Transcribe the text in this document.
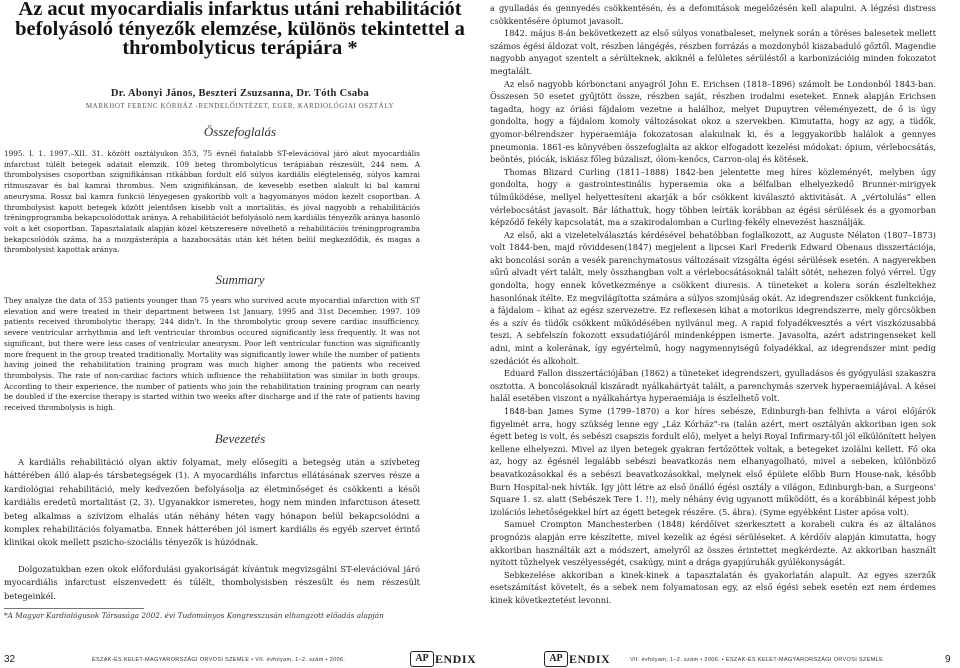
Az acut myocardialis infarktus utáni rehabilitációt befolyásoló tényezők elemzése, különös tekintettel a thrombolyticus terápiára *
Dr. Abonyi János, Beszteri Zsuzsanna, Dr. Tóth Csaba
MARKHOT FERENC KÓRHÁZ -RENDELŐINTÉZET, EGER, KARDIOLÓGIAI OSZTÁLY
Összefoglalás

1995. I. 1. 1997.–XII. 31. között osztályukon 353, 75 évnél fiatalabb ST-elevációval járó akut myocardiális infarctust túlélt betegek adatait elemzik. 109 beteg thrombolyticus terápiában részesült, 244 nem. A thrombolysises csoportban szignifikánsan ritkábban fordult elő súlyos kardiális elégtelenség, súlyos kamrai ritmuszavar és bal kamrai thrombus. Nem szignifikánsan, de kevesebb esetben alakult ki bal kamrai aneurysma. Rossz bal kamra funkció lényegesen gyakoribb volt a hagyományos módon kezelt csoportban. A thrombolysist kapott betegek között jelentősen kisebb volt a mortalitás, és jóval nagyobb a rehabilitációs tréningprogramba bekapcsolódottak aránya. A rehabilitációt befolyásoló nem kardiális tényezők aránya hasonló volt a két csoportban. Tapasztalataik alapján közel kétszeresére növelhető a rehabilitációs tréningprogramba bekapcsolódók száma, ha a mozgásterápia a hazabocsátás után két héten belül megkezdődik, és magas a thrombolysist kapottak aránya.

Summary

They analyze the data of 353 patients younger than 75 years who survived acute myocardial infarction with ST elevation and were treated in their department between 1st January, 1995 and 31st December, 1997. 109 patients received thrombolytic therapy, 244 didn't. In the thrombolytic group severe cardiac insufficiency, severe ventricular arrhythmia and left ventricular thrombus occured significantly less frequently. It was not significant, but there were less cases of ventricular aneurysm. Poor left ventricular function was significantly more frequent in the group treated traditionally. Mortality was significantly lower while the number of patients having joined the rehabilitation training program was much higher among the patients who received thrombolysis. The rate of non-cardiac factors which influence the rehabilitation was similar in both groups. According to their experience, the number of patients who join the rehabilitation training program can nearly be doubled if the exercise therapy is started within two weeks after discharge and if the rate of patients having received thrombolysis is high.

Bevezetés

A kardiális rehabilitáció olyan aktív folyamat, mely elősegíti a betegség után a szívbeteg háttérében álló alap-és társbetegségek (1). A myocardiális infarctus ellátásának szerves része a kardiológiai rehabilitáció, mely kedvezően befolyásolja az életminőséget és csökkenti a késői kardiális eredetű mortalitást (2, 3). Ugyanakkor ismeretes, hogy nem minden infarctuson átesett beteg alkalmas a szívizom elhalás után néhány héten vagy hónapon belül bekapcsolódni a komplex rehabilitációs folyamatba. Ennek hátterében jól ismert kardiális és egyéb szervet érintő klinikai okok mellett pszicho-szociális tényezők is húzódnak.

Dolgozatukban ezen okok előfordulási gyakoriságát kívántuk megvizsgálni ST-elevációval járó myocardiális infarctust elszenvedett és túlélt, thombolysisben részesült és nem részesült betegeinkél.

*A Magyar Kardiológusok Társasága 2002. évi Tudományos Kongresszusán elhangzott előadás alapján
32	ÉSZAK-ÉS KELET-MAGYARORSZÁGI ORVOSI SZEMLE • VII. évfolyam, 1–2. szám • 2006.	AP ENDIX

a gyulladás és gennyedés csökkentésén, és a defomitások megelőzésén kell alapulni. A légzési distress csökkentésére ópiumot javasolt.

1842. május 8-án bekövetkezett az első súlyos vonatbaleset, melynek során a töréses balesetek mellett számos égési áldozat volt, részben lángégés, részben forrázás a mozdonyból kiszabaduló gőztől. Magendie nagyobb anyagot szentelt a sérülteknek, akiknél a felületes sérüléstől a karbonizációig minden fokozatot megtalált.

Az első nagyobb kórbonctani anyagról John E. Erichsen (1818–1896) számolt be Londonból 1843-ban. Összesen 50 esetet gyűjtött össze, részben saját, részben irodalmi eseteket. Ennek alapján Erichsen tagadta, hogy az óriási fájdalom vezetne a halálhoz, melyet Dupuytren véleményezett, de ő is úgy gondolta, hogy a fájdalom komoly változásokat okoz a szervekben. Kimutatta, hogy az agy, a tüdők, gyomor-bélrendszer hyperaemiája fokozatosan alakulnak ki, és a leggyakoribb halálok a gennyes pneumonia. 1861-es könyvében összefoglalta az akkor elfogadott kezelési módokat: ópium, vérlebocsátás, beöntés, piócák, iskiász főleg búzaliszt, ólom-kenőcs, Carron-olaj és kötések.

Thomas Blizard Curling (1811–1888) 1842-ben jelentette meg híres közleményét, melyben úgy gondolta, hogy a gastrointestinális hyperaemia oka a bélfalban elhelyezkedő Brunner-mirigyek túlműködése, mellyel helyettesíteni akarják a bőr csökkent kiválasztó aktivitását. A „vértolulás” ellen vérlebocsátást javasolt. Bár láthattuk, hogy többen leírták korábban az égési sérülések és a gyomorban képződő fekély kapcsolatát, ma a szakirodalomban a Curling-fekély elnevezést használják.

Az első, aki a vizeletelválasztás kérdésével behatóbban foglalkozott, az Auguste Nélaton (1807–1873) volt 1844-ben, majd röviddesen(1847) megjelent a lipcsei Karl Frederik Edward Obenaus disszertációja, aki boncolási során a vesék parenchymatosus változásait vizsgálta égési sérülések esetén. A nagyerekben sűrű alvadt vért talált, mely összhangban volt a vérlebocsátásoknál talált sötét, nehezen folyó vérrel. Úgy gondolta, hogy ennek következménye a csökkent diuresis. A tüneteket a kolera során észleltekhez hasonlónak ítélte. Ez megvilágította számára a súlyos szomjúság okát. Az idegrendszer csökkent funkciója, a fájdalom – kihat az egész szervezetre. Ez reflexesen kihat a motorikus idegrendszerre, mely görcsökben és a szív és tüdők csökkent működésében nyilvánul meg. A rapid folyadékvesztés a vért viszkózusabbá teszi. A sebfelszín fokozott exsudatiójáról mindenképpen ismerte. Javasolta, azért adstringenseket kell adni, mint a kolerának, így egyértelmű, hogy nagymennyiségű folyadékkal, az idegrendszer mint pedig szedációt és alkoholt.

Eduard Fallon disszertációjában (1862) a tüneteket idegrendszeri, gyulladásos és gyógyulási szakaszra osztotta. A boncolásoknál kiszáradt nyálkahártyát talált, a parenchymás szervek hyperaemiájával. A kései halál esetében viszont a nyálkahártya hyperaemiája is észlelhető volt.

1848-ban James Syme (1799–1870) a kor híres sebésze, Edinburgh-ban felhívta a vároi előjárók figyelmét arra, hogy szükség lenne egy „Láz Kórház”-ra (talán azért, mert osztályán akkoriban igen sok égett beteg is volt, és sebészi csapszis fordult elő), melyet a helyi Royal Infirmary-től jól elkülönített helyen kellene elhelyezni. Mivel az ilyen betegek gyakran fertőzöttek voltak, a betegeket izolálni kellett. Fő oka az, hogy az égésnél legalább sebészi beavatkozás nem elhanyagolható, mivel a sebeken, különböző beavatkozásokkal és a sebészi beavatkozásokkal, melynek első épülete előbb Burn House-nak, később Burn Hospital-nek hívták. Így jött létre az első önálló égési osztály a világon, Edinburgh-ban, a Surgeons' Square 1. sz. alatt (Sebészek Tere 1. !!), mely néhány évig ugyanott működött, és a korábbinál képest jobb izolációs lehetőségekkel bírt az égett betegek részére. (5. ábra). (Syme egyébként Lister apósa volt).

Samuel Crompton Manchesterben (1848) kérdőívet szerkesztett a korabeli cukra és az általános prognózis alapján erre készítette, mivel kezelik az égési sérüléseket. A kérdőív alapján kimutatta, hogy akkoriban használták azt a módszert, amelyről az összes érintettet megkérdezte. Az akkoriban használt nyitott tűzhelyek veszélyességét, csakúgy, mint a drága gyapjúruhák gyúlékonyságát.

Sebkezelése akkoriban a kinek-kinek a tapasztalatán és gyakorlatán alapult. Az egyes szerzők esetszámítást követelt, és a sebek nem folyamatosan egy, az első égési sebek esetén ezt nem érdemes kinek következtetést levonni.

AP ENDIX	VII. évfolyam, 1–2. szám • 2006. • ÉSZAK-ÉS KELET-MAGYARORSZÁGI ORVOSI SZEMLE	9
